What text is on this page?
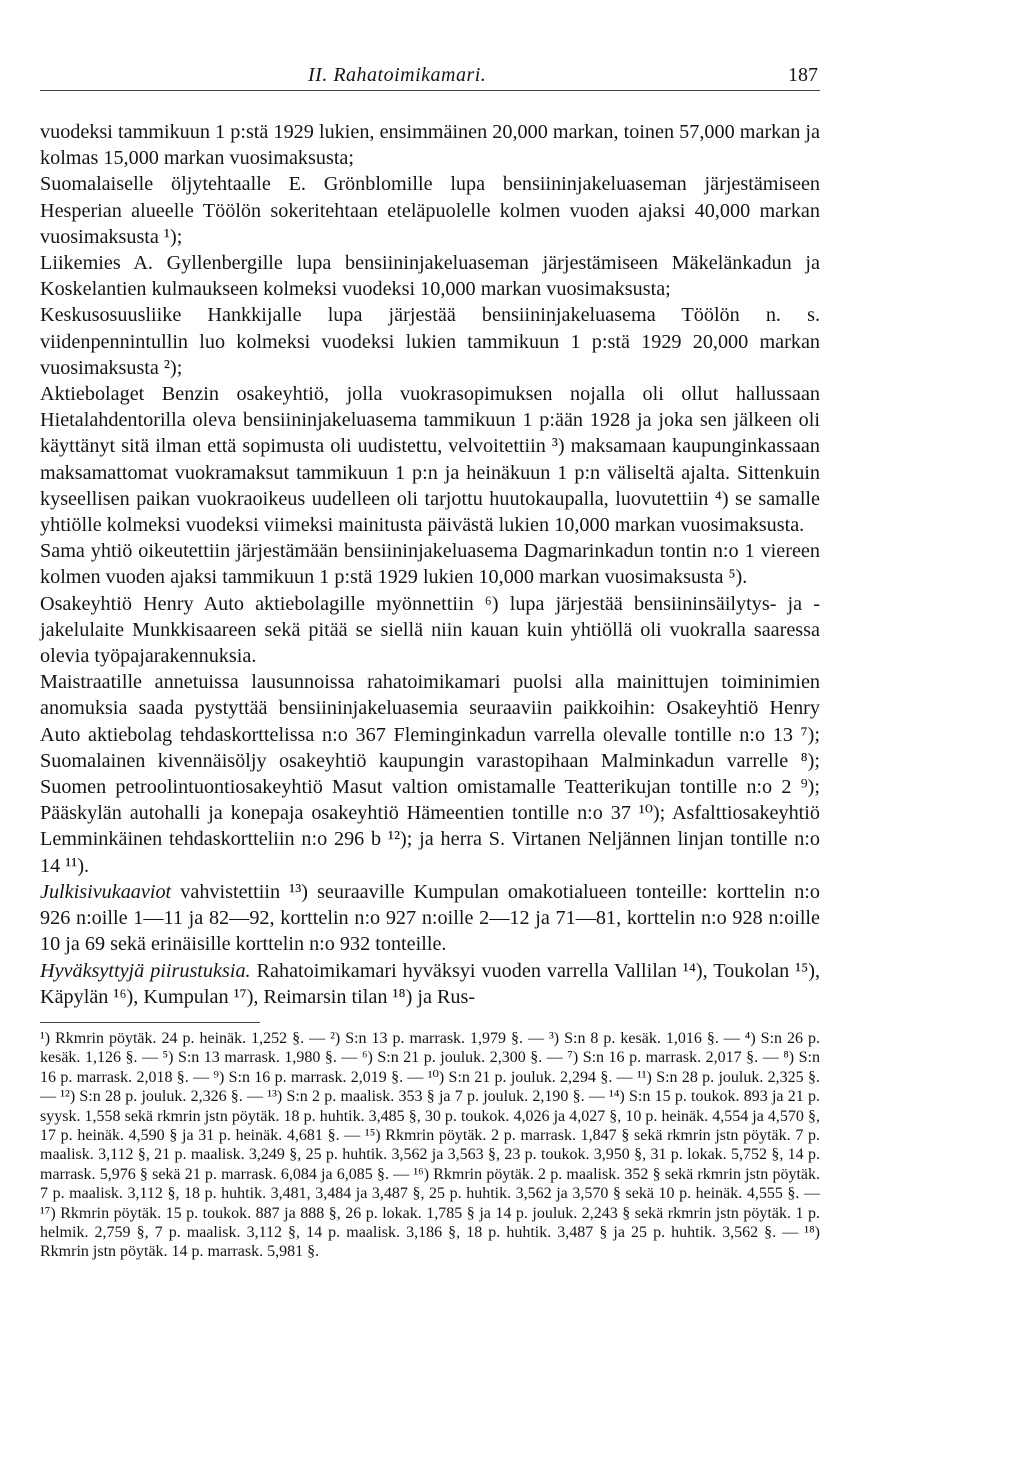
II. Rahatoimikamari.	187

vuodeksi tammikuun 1 p:stä 1929 lukien, ensimmäinen 20,000 markan, toinen 57,000 markan ja kolmas 15,000 markan vuosimaksusta;

Suomalaiselle öljytehtaalle E. Grönblomille lupa bensiininjakeluaseman järjestämiseen Hesperian alueelle Töölön sokeritehtaan eteläpuolelle kolmen vuoden ajaksi 40,000 markan vuosimaksusta ¹);

Liikemies A. Gyllenbergille lupa bensiininjakeluaseman järjestämiseen Mäkelänkadun ja Koskelantien kulmaukseen kolmeksi vuodeksi 10,000 markan vuosimaksusta;

Keskusosuusliike Hankkijalle lupa järjestää bensiininjakeluasema Töölön n. s. viidenpennintullin luo kolmeksi vuodeksi lukien tammikuun 1 p:stä 1929 20,000 markan vuosimaksusta ²);

Aktiebolaget Benzin osakeyhtiö, jolla vuokrasopimuksen nojalla oli ollut hallussaan Hietalahdentorilla oleva bensiininjakeluasema tammikuun 1 p:ään 1928 ja joka sen jälkeen oli käyttänyt sitä ilman että sopimusta oli uudistettu, velvoitettiin ³) maksamaan kaupunginkassaan maksamattomat vuokramaksut tammikuun 1 p:n ja heinäkuun 1 p:n väliseltä ajalta. Sittenkuin kyseellisen paikan vuokraoikeus uudelleen oli tarjottu huutokaupalla, luovutettiin ⁴) se samalle yhtiölle kolmeksi vuodeksi viimeksi mainitusta päivästä lukien 10,000 markan vuosimaksusta.

Sama yhtiö oikeutettiin järjestämään bensiininjakeluasema Dagmarinkadun tontin n:o 1 viereen kolmen vuoden ajaksi tammikuun 1 p:stä 1929 lukien 10,000 markan vuosimaksusta ⁵).

Osakeyhtiö Henry Auto aktiebolagille myönnettiin ⁶) lupa järjestää bensiininsäilytys- ja -jakelulaite Munkkisaareen sekä pitää se siellä niin kauan kuin yhtiöllä oli vuokralla saaressa olevia työpajarakennuksia.

Maistraatille annetuissa lausunnoissa rahatoimikamari puolsi alla mainittujen toiminimien anomuksia saada pystyttää bensiininjakeluasemia seuraaviin paikkoihin: Osakeyhtiö Henry Auto aktiebolag tehdaskorttelissa n:o 367 Fleminginkadun varrella olevalle tontille n:o 13 ⁷); Suomalainen kivennäisöljy osakeyhtiö kaupungin varastopihaan Malminkadun varrelle ⁸); Suomen petroolintuontiosakeyhtiö Masut valtion omistamalle Teatterikujan tontille n:o 2 ⁹); Pääskylän autohalli ja konepaja osakeyhtiö Hämeentien tontille n:o 37 ¹⁰); Asfalttiosakeyhtiö Lemminkäinen tehdaskortteliin n:o 296 b ¹²); ja herra S. Virtanen Neljännen linjan tontille n:o 14 ¹¹).

Julkisivukaaviot vahvistettiin ¹³) seuraaville Kumpulan omakotialueen tonteille: korttelin n:o 926 n:oille 1—11 ja 82—92, korttelin n:o 927 n:oille 2—12 ja 71—81, korttelin n:o 928 n:oille 10 ja 69 sekä erinäisille korttelin n:o 932 tonteille.

Hyväksyttyjä piirustuksia. Rahatoimikamari hyväksyi vuoden varrella Vallilan ¹⁴), Toukolan ¹⁵), Käpylän ¹⁶), Kumpulan ¹⁷), Reimarsin tilan ¹⁸) ja Rus-

¹) Rkmrin pöytäk. 24 p. heinäk. 1,252 §. — ²) S:n 13 p. marrask. 1,979 §. — ³) S:n 8 p. kesäk. 1,016 §. — ⁴) S:n 26 p. kesäk. 1,126 §. — ⁵) S:n 13 marrask. 1,980 §. — ⁶) S:n 21 p. jouluk. 2,300 §. — ⁷) S:n 16 p. marrask. 2,017 §. — ⁸) S:n 16 p. marrask. 2,018 §. — ⁹) S:n 16 p. marrask. 2,019 §. — ¹⁰) S:n 21 p. jouluk. 2,294 §. — ¹¹) S:n 28 p. jouluk. 2,325 §. — ¹²) S:n 28 p. jouluk. 2,326 §. — ¹³) S:n 2 p. maalisk. 353 § ja 7 p. jouluk. 2,190 §. — ¹⁴) S:n 15 p. toukok. 893 ja 21 p. syysk. 1,558 sekä rkmrin jstn pöytäk. 18 p. huhtik. 3,485 §, 30 p. toukok. 4,026 ja 4,027 §, 10 p. heinäk. 4,554 ja 4,570 §, 17 p. heinäk. 4,590 § ja 31 p. heinäk. 4,681 §. — ¹⁵) Rkmrin pöytäk. 2 p. marrask. 1,847 § sekä rkmrin jstn pöytäk. 7 p. maalisk. 3,112 §, 21 p. maalisk. 3,249 §, 25 p. huhtik. 3,562 ja 3,563 §, 23 p. toukok. 3,950 §, 31 p. lokak. 5,752 §, 14 p. marrask. 5,976 § sekä 21 p. marrask. 6,084 ja 6,085 §. — ¹⁶) Rkmrin pöytäk. 2 p. maalisk. 352 § sekä rkmrin jstn pöytäk. 7 p. maalisk. 3,112 §, 18 p. huhtik. 3,481, 3,484 ja 3,487 §, 25 p. huhtik. 3,562 ja 3,570 § sekä 10 p. heinäk. 4,555 §. — ¹⁷) Rkmrin pöytäk. 15 p. toukok. 887 ja 888 §, 26 p. lokak. 1,785 § ja 14 p. jouluk. 2,243 § sekä rkmrin jstn pöytäk. 1 p. helmik. 2,759 §, 7 p. maalisk. 3,112 §, 14 p. maalisk. 3,186 §, 18 p. huhtik. 3,487 § ja 25 p. huhtik. 3,562 §. — ¹⁸) Rkmrin jstn pöytäk. 14 p. marrask. 5,981 §.
